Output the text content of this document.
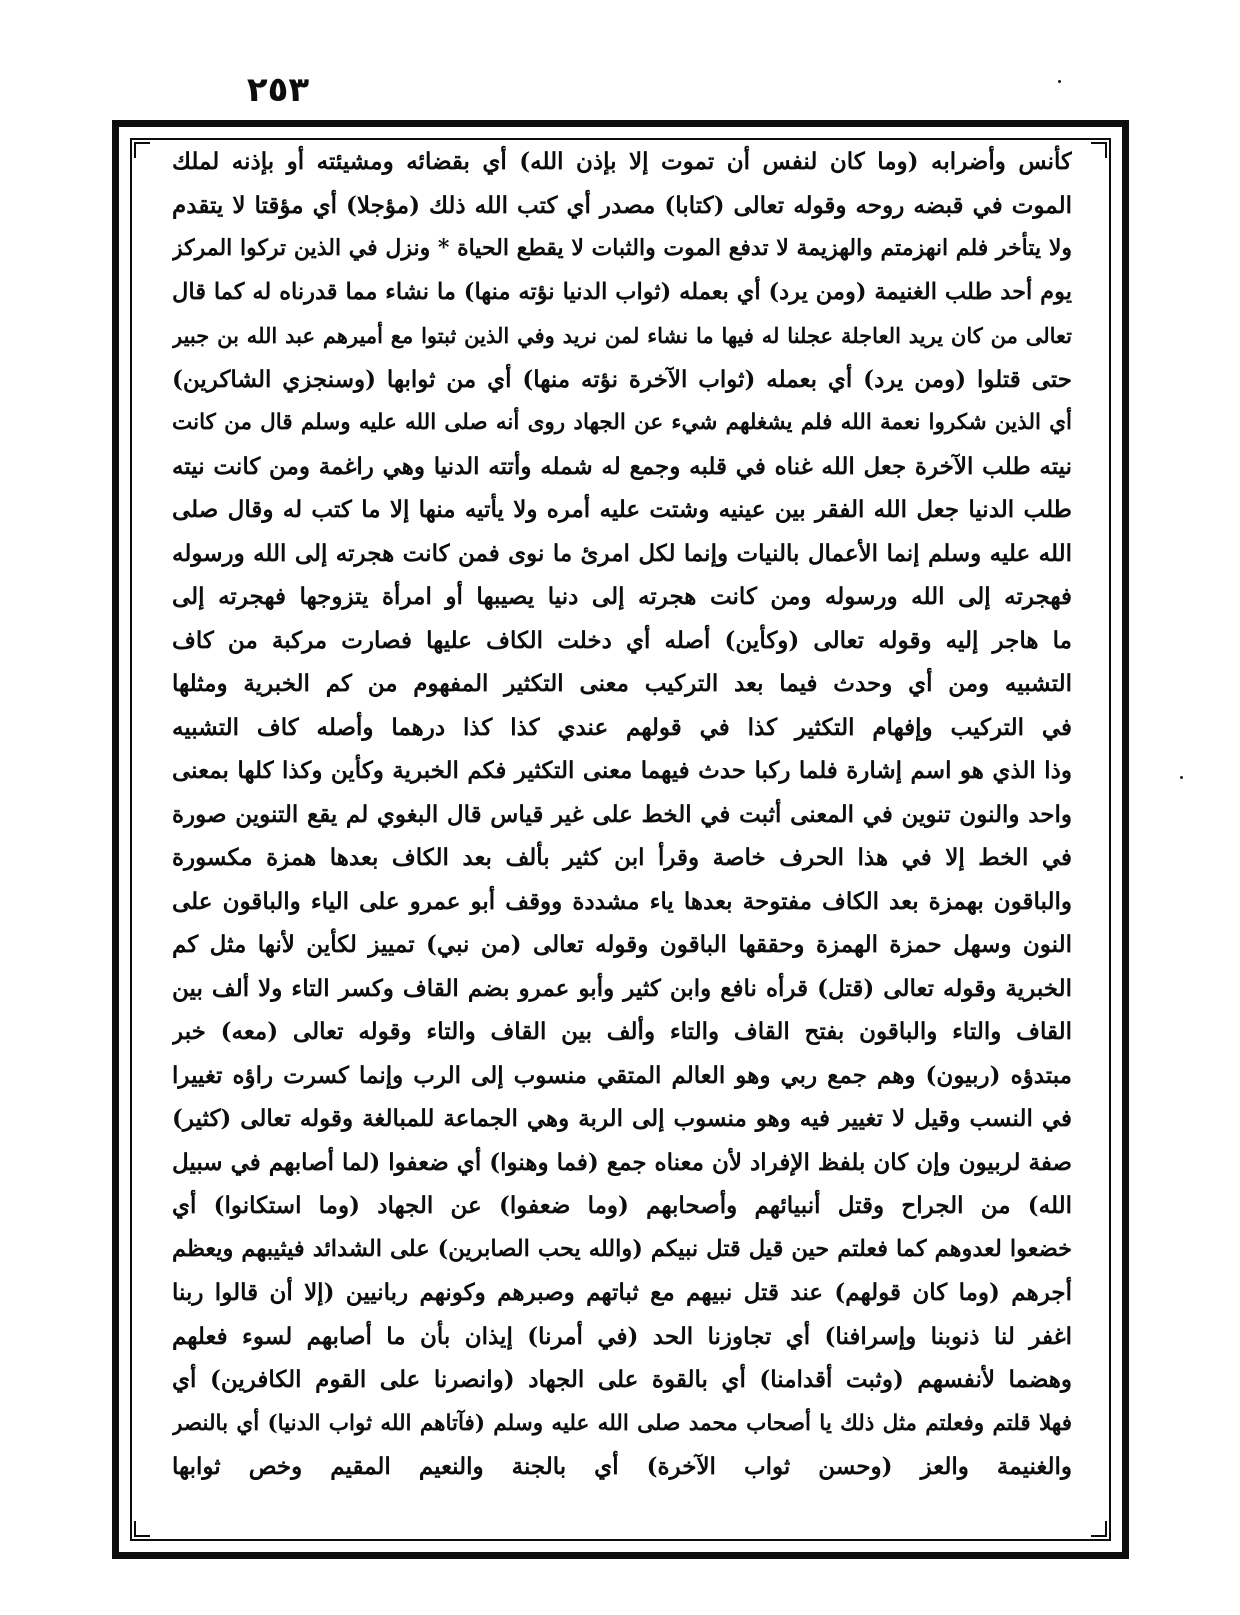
٢٥٣
كأنس وأضرابه (وما كان لنفس أن تموت إلا بإذن الله) أي بقضائه ومشيئته أو بإذنه لملك
الموت في قبضه روحه وقوله تعالى (كتابا) مصدر أي كتب الله ذلك (مؤجلا) أي مؤقتا لا يتقدم
ولا يتأخر فلم انهزمتم والهزيمة لا تدفع الموت والثبات لا يقطع الحياة * ونزل في الذين تركوا المركز
يوم أحد طلب الغنيمة (ومن يرد) أي بعمله (ثواب الدنيا نؤته منها) ما نشاء مما قدرناه له كما قال
تعالى من كان يريد العاجلة عجلنا له فيها ما نشاء لمن نريد وفي الذين ثبتوا مع أميرهم عبد الله بن جبير
حتى قتلوا (ومن يرد) أي بعمله (ثواب الآخرة نؤته منها) أي من ثوابها (وسنجزي الشاكرين)
أي الذين شكروا نعمة الله فلم يشغلهم شيء عن الجهاد روى أنه صلى الله عليه وسلم قال من كانت
نيته طلب الآخرة جعل الله غناه في قلبه وجمع له شمله وأتته الدنيا وهي راغمة ومن كانت نيته
طلب الدنيا جعل الله الفقر بين عينيه وشتت عليه أمره ولا يأتيه منها إلا ما كتب له وقال صلى
الله عليه وسلم إنما الأعمال بالنيات وإنما لكل امرئ ما نوى فمن كانت هجرته إلى الله ورسوله
فهجرته إلى الله ورسوله ومن كانت هجرته إلى دنيا يصيبها أو امرأة يتزوجها فهجرته إلى
ما هاجر إليه وقوله تعالى (وكأين) أصله أي دخلت الكاف عليها فصارت مركبة من كاف
التشبيه ومن أي وحدث فيما بعد التركيب معنى التكثير المفهوم من كم الخبرية ومثلها
في التركيب وإفهام التكثير كذا في قولهم عندي كذا كذا درهما وأصله كاف التشبيه
وذا الذي هو اسم إشارة فلما ركبا حدث فيهما معنى التكثير فكم الخبرية وكأين وكذا كلها بمعنى
واحد والنون تنوين في المعنى أثبت في الخط على غير قياس قال البغوي لم يقع التنوين صورة
في الخط إلا في هذا الحرف خاصة وقرأ ابن كثير بألف بعد الكاف بعدها همزة مكسورة
والباقون بهمزة بعد الكاف مفتوحة بعدها ياء مشددة ووقف أبو عمرو على الياء والباقون على
النون وسهل حمزة الهمزة وحققها الباقون وقوله تعالى (من نبي) تمييز لكأين لأنها مثل كم
الخبرية وقوله تعالى (قتل) قرأه نافع وابن كثير وأبو عمرو بضم القاف وكسر التاء ولا ألف بين
القاف والتاء والباقون بفتح القاف والتاء وألف بين القاف والتاء وقوله تعالى (معه) خبر
مبتدؤه (ربيون) وهم جمع ربي وهو العالم المتقي منسوب إلى الرب وإنما كسرت راؤه تغييرا
في النسب وقيل لا تغيير فيه وهو منسوب إلى الربة وهي الجماعة للمبالغة وقوله تعالى (كثير)
صفة لربيون وإن كان بلفظ الإفراد لأن معناه جمع (فما وهنوا) أي ضعفوا (لما أصابهم في سبيل
الله) من الجراح وقتل أنبيائهم وأصحابهم (وما ضعفوا) عن الجهاد (وما استكانوا) أي
خضعوا لعدوهم كما فعلتم حين قيل قتل نبيكم (والله يحب الصابرين) على الشدائد فيثيبهم ويعظم
أجرهم (وما كان قولهم) عند قتل نبيهم مع ثباتهم وصبرهم وكونهم ربانيين (إلا أن قالوا ربنا
اغفر لنا ذنوبنا وإسرافنا) أي تجاوزنا الحد (في أمرنا) إيذان بأن ما أصابهم لسوء فعلهم
وهضما لأنفسهم (وثبت أقدامنا) أي بالقوة على الجهاد (وانصرنا على القوم الكافرين) أي
فهلا قلتم وفعلتم مثل ذلك يا أصحاب محمد صلى الله عليه وسلم (فآتاهم الله ثواب الدنيا) أي بالنصر
والغنيمة والعز (وحسن ثواب الآخرة) أي بالجنة والنعيم المقيم وخص ثوابها
